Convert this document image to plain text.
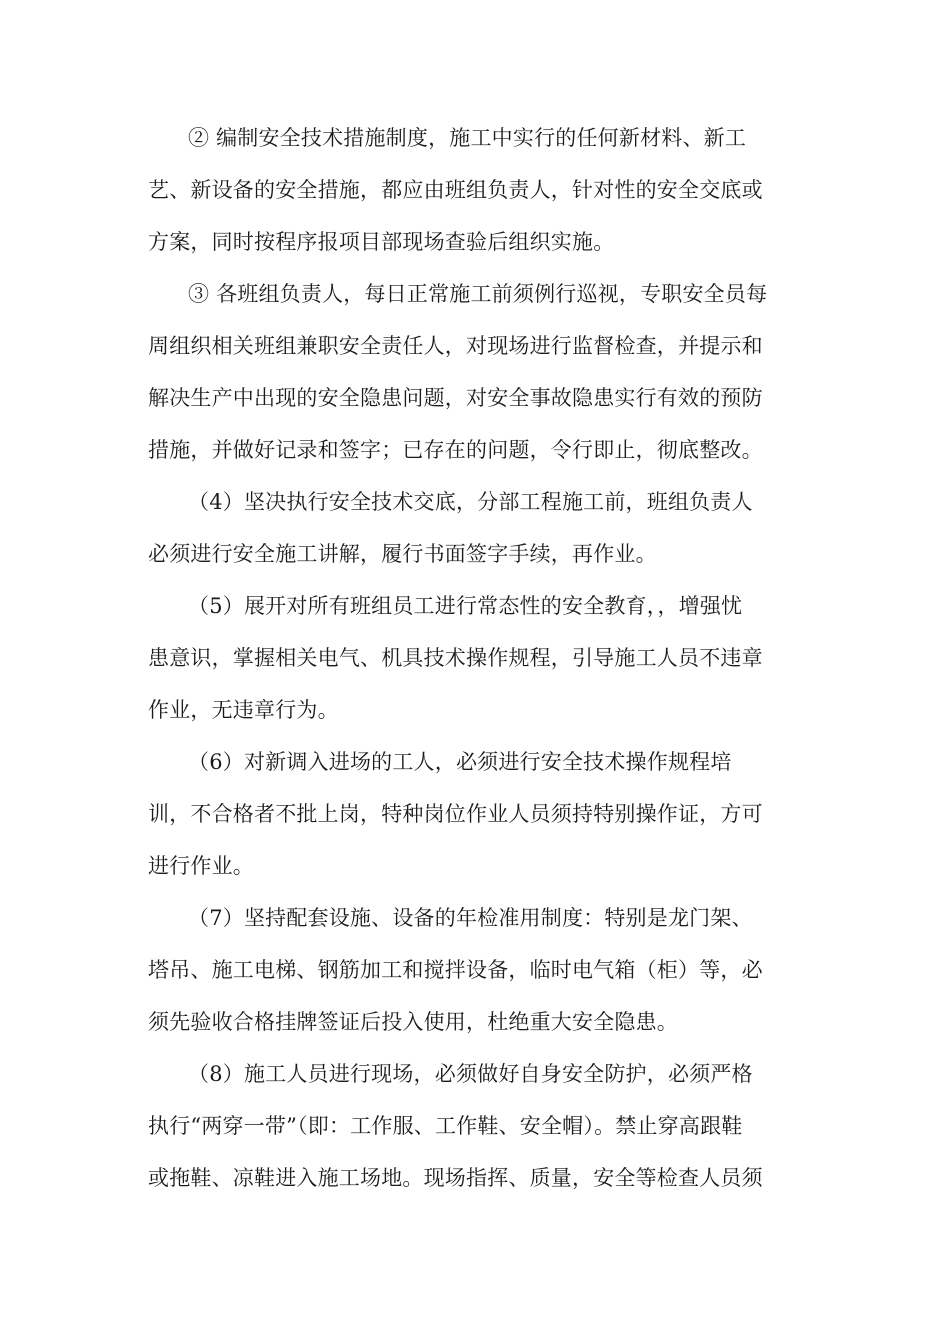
② 编制安全技术措施制度，施工中实行的任何新材料、新工
艺、新设备的安全措施，都应由班组负责人，针对性的安全交底或
方案，同时按程序报项目部现场查验后组织实施。
③ 各班组负责人，每日正常施工前须例行巡视，专职安全员每
周组织相关班组兼职安全责任人，对现场进行监督检查，并提示和
解决生产中出现的安全隐患问题，对安全事故隐患实行有效的预防
措施，并做好记录和签字；已存在的问题，令行即止，彻底整改。
（4）坚决执行安全技术交底，分部工程施工前，班组负责人
必须进行安全施工讲解，履行书面签字手续，再作业。
（5）展开对所有班组员工进行常态性的安全教育，，增强忧
患意识，掌握相关电气、机具技术操作规程，引导施工人员不违章
作业，无违章行为。
（6）对新调入进场的工人，必须进行安全技术操作规程培
训，不合格者不批上岗，特种岗位作业人员须持特别操作证，方可
进行作业。
（7）坚持配套设施、设备的年检准用制度：特别是龙门架、
塔吊、施工电梯、钢筋加工和搅拌设备，临时电气箱（柜）等，必
须先验收合格挂牌签证后投入使用，杜绝重大安全隐患。
（8）施工人员进行现场，必须做好自身安全防护，必须严格
执行“两穿一带”（即：工作服、工作鞋、安全帽）。禁止穿高跟鞋
或拖鞋、凉鞋进入施工场地。现场指挥、质量，安全等检查人员须
